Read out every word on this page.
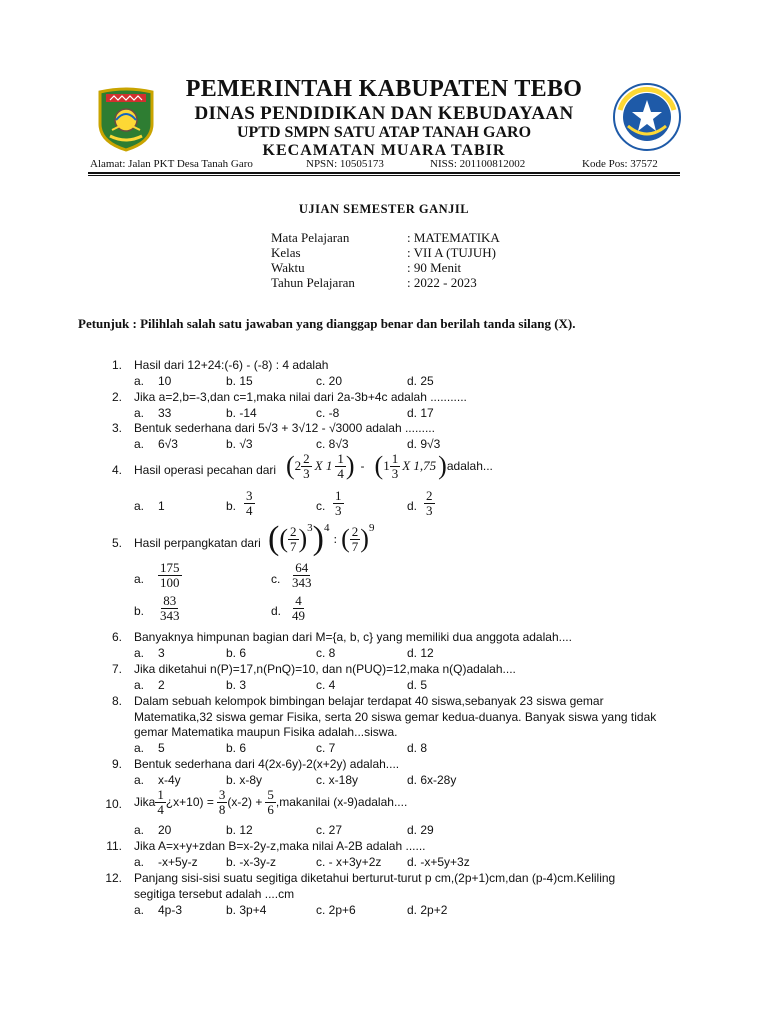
PEMERINTAH KABUPATEN TEBO
DINAS PENDIDIKAN DAN KEBUDAYAAN
UPTD SMPN SATU ATAP TANAH GARO
KECAMATAN MUARA TABIR
Alamat: Jalan PKT Desa Tanah Garo	NPSN: 10505173	NISS: 201100812002	Kode Pos: 37572
UJIAN SEMESTER GANJIL
Mata Pelajaran	: MATEMATIKA
Kelas	: VII A (TUJUH)
Waktu	: 90 Menit
Tahun Pelajaran	: 2022 - 2023
Petunjuk : Pilihlah salah satu jawaban yang dianggap benar dan berilah tanda silang (X).
1. Hasil dari 12+24:(-6) - (-8) : 4 adalah
a. 10	b. 15	c. 20	d. 25
2. Jika a=2,b=-3,dan c=1,maka nilai dari 2a-3b+4c adalah ...........
a. 33	b. -14	c. -8	d. 17
3. Bentuk sederhana dari 5√3 + 3√12 - √3000 adalah .........
a. 6√3	b. √3	c. 8√3	d. 9√3
4. Hasil operasi pecahan dari ( $2 \frac{2}{3}$ X $1 \frac{1}{4}$ ) - ( $1 \frac{1}{3}$ X 1,75 ) adalah...
a. 1	b. $\frac{3}{4}$	c. $\frac{1}{3}$	d. $\frac{2}{3}$
5. Hasil perpangkatan dari ( ( $\frac{2}{7} )^3$ )$^4$
: ( $\frac{2}{7} )^9$
a. $\frac{175}{100}$	c. $\frac{64}{343}$
b. $\frac{83}{343}$	d. $\frac{4}{49}$
6. Banyaknya himpunan bagian dari M={a, b, c} yang memiliki dua anggota adalah....
a. 3	b. 6	c. 8	d. 12
7. Jika diketahui n(P)=17,n(PnQ)=10, dan n(PUQ)=12,maka n(Q)adalah....
a. 2	b. 3	c. 4	d. 5
8. Dalam sebuah kelompok bimbingan belajar terdapat 40 siswa,sebanyak 23 siswa gemar
Matematika,32 siswa gemar Fisika, serta 20 siswa gemar kedua-duanya. Banyak siswa yang tidak
gemar Matematika maupun Fisika adalah...siswa.
a. 5	b. 6	c. 7	d. 8
9. Bentuk sederhana dari 4(2x-6y)-2(x+2y) adalah....
a. x-4y	b. x-8y	c. x-18y	d. 6x-28y
10. Jika $\frac{1}{4}$ ¿$x+10) = \frac{3}{8} (x-2) + \frac{5}{6}$ ,makanilai (x-9)adalah....
a. 20	b. 12	c. 27	d. 29
11. Jika A=x+y+zdan B=x-2y-z,maka nilai A-2B adalah ......
a. -x+5y-z b. -x-3y-z	c. - x+3y+2z d. -x+5y+3z
12. Panjang sisi-sisi suatu segitiga diketahui berturut-turut p cm,(2p+1)cm,dan (p-4)cm.Keliling
segitiga tersebut adalah ....cm
a. 4p-3	b. 3p+4	c. 2p+6	d. 2p+2
